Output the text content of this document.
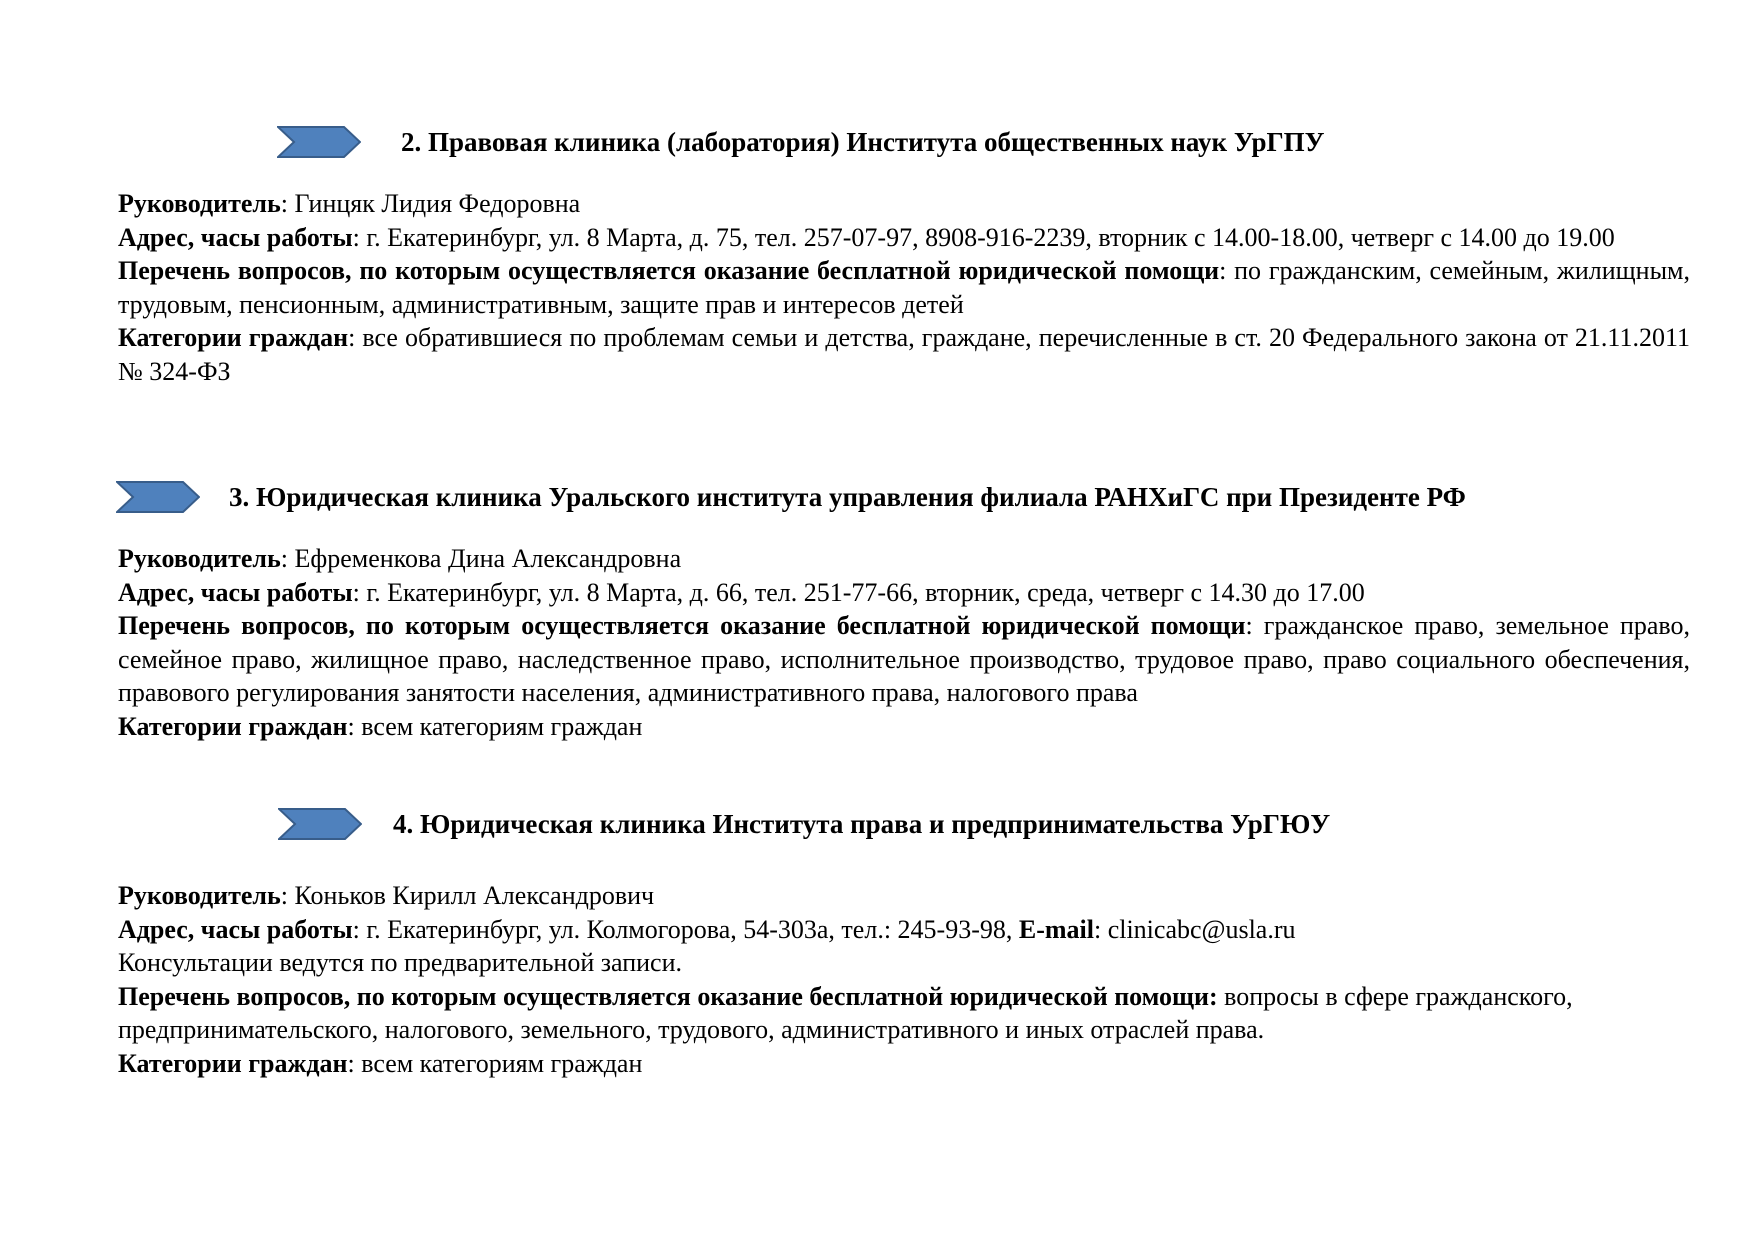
2. Правовая клиника (лаборатория) Института общественных наук УрГПУ

Руководитель: Гинцяк Лидия Федоровна

Адрес, часы работы: г. Екатеринбург, ул. 8 Марта, д. 75, тел. 257-07-97, 8908-916-2239, вторник с 14.00-18.00, четверг с 14.00 до 19.00

Перечень вопросов, по которым осуществляется оказание бесплатной юридической помощи: по гражданским, семейным, жилищным, трудовым, пенсионным, административным, защите прав и интересов детей

Категории граждан: все обратившиеся по проблемам семьи и детства, граждане, перечисленные в ст. 20 Федерального закона от 21.11.2011 № 324-ФЗ

3. Юридическая клиника Уральского института управления филиала РАНХиГС при Президенте РФ

Руководитель: Ефременкова Дина Александровна

Адрес, часы работы: г. Екатеринбург, ул. 8 Марта, д. 66, тел. 251-77-66, вторник, среда, четверг с 14.30 до 17.00

Перечень вопросов, по которым осуществляется оказание бесплатной юридической помощи: гражданское право, земельное право, семейное право, жилищное право, наследственное право, исполнительное производство, трудовое право, право социального обеспечения, правового регулирования занятости населения, административного права, налогового права

Категории граждан: всем категориям граждан

4. Юридическая клиника Института права и предпринимательства УрГЮУ

Руководитель: Коньков Кирилл Александрович

Адрес, часы работы: г. Екатеринбург, ул. Колмогорова, 54-303а, тел.: 245-93-98, E-mail: clinicabc@usla.ru

Консультации ведутся по предварительной записи.

Перечень вопросов, по которым осуществляется оказание бесплатной юридической помощи: вопросы в сфере гражданского, предпринимательского, налогового, земельного, трудового, административного и иных отраслей права.

Категории граждан: всем категориям граждан
